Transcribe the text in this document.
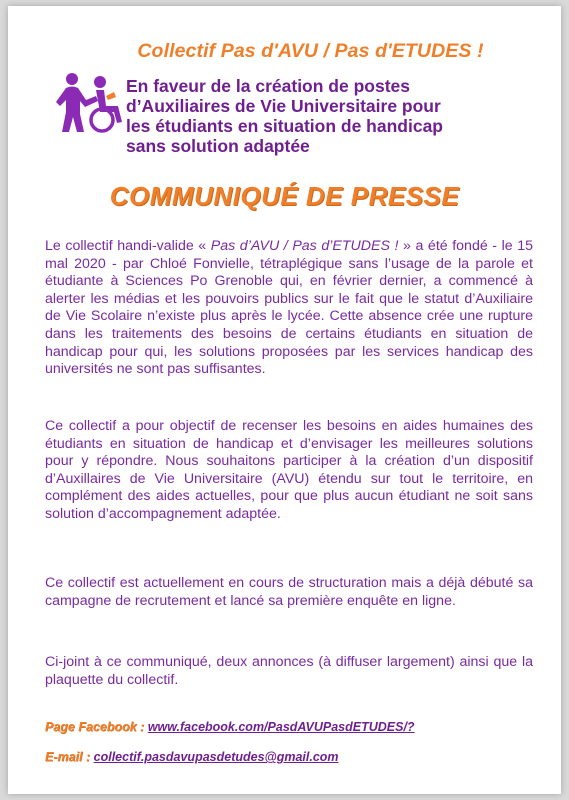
Collectif Pas d'AVU / Pas d'ETUDES !
En faveur de la création de postes
d’Auxiliaires de Vie Universitaire pour
les étudiants en situation de handicap
sans solution adaptée
COMMUNIQUÉ DE PRESSE
Le collectif handi-valide « Pas d’AVU / Pas d’ETUDES ! » a été fondé - le 15 mal 2020 - par Chloé Fonvielle, tétraplégique sans l’usage de la parole et étudiante à Sciences Po Grenoble qui, en février dernier, a commencé à alerter les médias et les pouvoirs publics sur le fait que le statut d’Auxiliaire de Vie Scolaire n’existe plus après le lycée. Cette absence crée une rupture dans les traitements des besoins de certains étudiants en situation de handicap pour qui, les solutions proposées par les services handicap des universités ne sont pas suffisantes.
Ce collectif a pour objectif de recenser les besoins en aides humaines des étudiants en situation de handicap et d’envisager les meilleures solutions pour y répondre. Nous souhaitons participer à la création d’un dispositif d’Auxillaires de Vie Universitaire (AVU) étendu sur tout le territoire, en complément des aides actuelles, pour que plus aucun étudiant ne soit sans solution d’accompagnement adaptée.
Ce collectif est actuellement en cours de structuration mais a déjà débuté sa campagne de recrutement et lancé sa première enquête en ligne.
Ci-joint à ce communiqué, deux annonces (à diffuser largement) ainsi que la plaquette du collectif.
Page Facebook : www.facebook.com/PasdAVUPasdETUDES/?
E-mail : collectif.pasdavupasdetudes@gmail.com
